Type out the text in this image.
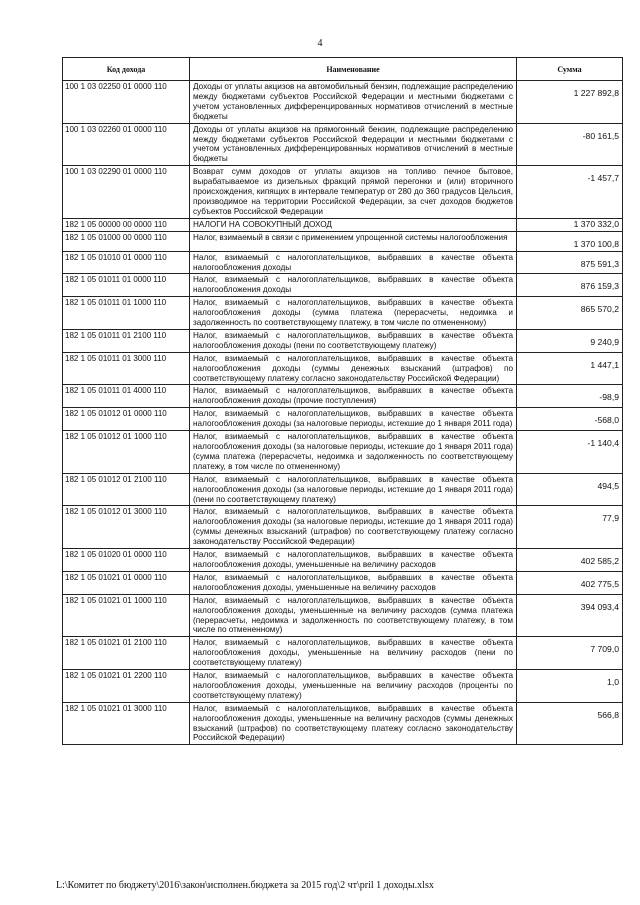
4
Код дохода	Наименование	Сумма
100 1 03 02250 01 0000 110	Доходы от уплаты акцизов на автомобильный бензин, подлежащие распределению между бюджетами субъектов Российской Федерации и местными бюджетами с учетом установленных дифференцированных нормативов отчислений в местные бюджеты	1 227 892,8
100 1 03 02260 01 0000 110	Доходы от уплаты акцизов на прямогонный бензин, подлежащие распределению между бюджетами субъектов Российской Федерации и местными бюджетами с учетом установленных дифференцированных нормативов отчислений в местные бюджеты	-80 161,5
100 1 03 02290 01 0000 110	Возврат сумм доходов от уплаты акцизов на топливо печное бытовое, вырабатываемое из дизельных фракций прямой перегонки и (или) вторичного происхождения, кипящих в интервале температур от 280 до 360 градусов Цельсия, производимое на территории Российской Федерации, за счет доходов бюджетов субъектов Российской Федерации	-1 457,7
182 1 05 00000 00 0000 110	НАЛОГИ НА СОВОКУПНЫЙ ДОХОД	1 370 332,0
182 1 05 01000 00 0000 110	Налог, взимаемый в связи с применением упрощенной системы налогообложения	1 370 100,8
182 1 05 01010 01 0000 110	Налог, взимаемый с налогоплательщиков, выбравших в качестве объекта налогообложения доходы	875 591,3
182 1 05 01011 01 0000 110	Налог, взимаемый с налогоплательщиков, выбравших в качестве объекта налогообложения доходы	876 159,3
182 1 05 01011 01 1000 110	Налог, взимаемый с налогоплательщиков, выбравших в качестве объекта налогообложения доходы (сумма платежа (перерасчеты, недоимка и задолженность по соответствующему платежу, в том числе по отмененному)	865 570,2
182 1 05 01011 01 2100 110	Налог, взимаемый с налогоплательщиков, выбравших в качестве объекта налогообложения доходы (пени по соответствующему платежу)	9 240,9
182 1 05 01011 01 3000 110	Налог, взимаемый с налогоплательщиков, выбравших в качестве объекта налогообложения доходы (суммы денежных взысканий (штрафов) по соответствующему платежу согласно законодательству Российской Федерации)	1 447,1
182 1 05 01011 01 4000 110	Налог, взимаемый с налогоплательщиков, выбравших в качестве объекта налогообложения доходы (прочие поступления)	-98,9
182 1 05 01012 01 0000 110	Налог, взимаемый с налогоплательщиков, выбравших в качестве объекта налогообложения доходы (за налоговые периоды, истекшие до 1 января 2011 года)	-568,0
182 1 05 01012 01 1000 110	Налог, взимаемый с налогоплательщиков, выбравших в качестве объекта налогообложения доходы (за налоговые периоды, истекшие до 1 января 2011 года) (сумма платежа (перерасчеты, недоимка и задолженность по соответствующему платежу, в том числе по отмененному)	-1 140,4
182 1 05 01012 01 2100 110	Налог, взимаемый с налогоплательщиков, выбравших в качестве объекта налогообложения доходы (за налоговые периоды, истекшие до 1 января 2011 года) (пени по соответствующему платежу)	494,5
182 1 05 01012 01 3000 110	Налог, взимаемый с налогоплательщиков, выбравших в качестве объекта налогообложения доходы (за налоговые периоды, истекшие до 1 января 2011 года) (суммы денежных взысканий (штрафов) по соответствующему платежу согласно законодательству Российской Федерации)	77,9
182 1 05 01020 01 0000 110	Налог, взимаемый с налогоплательщиков, выбравших в качестве объекта налогообложения доходы, уменьшенные на величину расходов	402 585,2
182 1 05 01021 01 0000 110	Налог, взимаемый с налогоплательщиков, выбравших в качестве объекта налогообложения доходы, уменьшенные на величину расходов	402 775,5
182 1 05 01021 01 1000 110	Налог, взимаемый с налогоплательщиков, выбравших в качестве объекта налогообложения доходы, уменьшенные на величину расходов (сумма платежа (перерасчеты, недоимка и задолженность по соответствующему платежу, в том числе по отмененному)	394 093,4
182 1 05 01021 01 2100 110	Налог, взимаемый с налогоплательщиков, выбравших в качестве объекта налогообложения доходы, уменьшенные на величину расходов (пени по соответствующему платежу)	7 709,0
182 1 05 01021 01 2200 110	Налог, взимаемый с налогоплательщиков, выбравших в качестве объекта налогообложения доходы, уменьшенные на величину расходов (проценты по соответствующему платежу)	1,0
182 1 05 01021 01 3000 110	Налог, взимаемый с налогоплательщиков, выбравших в качестве объекта налогообложения доходы, уменьшенные на величину расходов (суммы денежных взысканий (штрафов) по соответствующему платежу согласно законодательству Российской Федерации)	566,8
L:\Комитет по бюджету\2016\закон\исполнен.бюджета за 2015 год\2 чт\pril 1 доходы.xlsx
